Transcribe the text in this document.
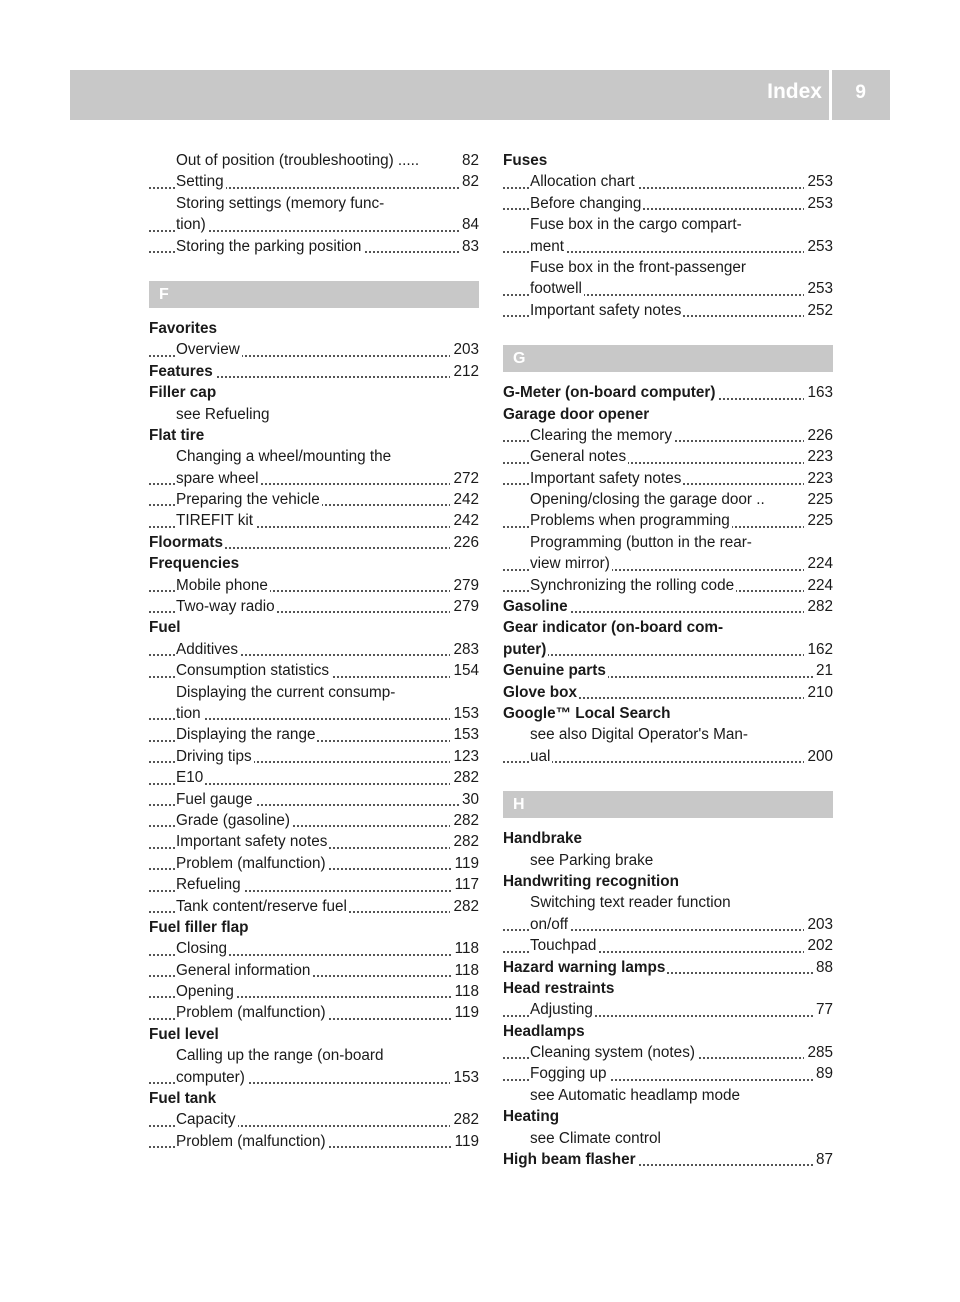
Index 9
Out of position (troubleshooting) .....	82
Setting	82
Storing settings (memory func-
tion)	84
Storing the parking position	83
F
Favorites
Overview	203
Features	212
Filler cap
see Refueling
Flat tire
Changing a wheel/mounting the
spare wheel	272
Preparing the vehicle	242
TIREFIT kit	242
Floormats	226
Frequencies
Mobile phone	279
Two-way radio	279
Fuel
Additives	283
Consumption statistics	154
Displaying the current consump-
tion	153
Displaying the range	153
Driving tips	123
E10	282
Fuel gauge	30
Grade (gasoline)	282
Important safety notes	282
Problem (malfunction)	119
Refueling	117
Tank content/reserve fuel	282
Fuel filler flap
Closing	118
General information	118
Opening	118
Problem (malfunction)	119
Fuel level
Calling up the range (on-board
computer)	153
Fuel tank
Capacity	282
Problem (malfunction)	119
Fuses
Allocation chart	253
Before changing	253
Fuse box in the cargo compart-
ment	253
Fuse box in the front-passenger
footwell	253
Important safety notes	252
G
G-Meter (on-board computer)	163
Garage door opener
Clearing the memory	226
General notes	223
Important safety notes	223
Opening/closing the garage door ..	225
Problems when programming	225
Programming (button in the rear-
view mirror)	224
Synchronizing the rolling code	224
Gasoline	282
Gear indicator (on-board com-
puter)	162
Genuine parts	21
Glove box	210
Google™ Local Search
see also Digital Operator's Man-
ual	200
H
Handbrake
see Parking brake
Handwriting recognition
Switching text reader function
on/off	203
Touchpad	202
Hazard warning lamps	88
Head restraints
Adjusting	77
Headlamps
Cleaning system (notes)	285
Fogging up	89
see Automatic headlamp mode
Heating
see Climate control
High beam flasher	87
